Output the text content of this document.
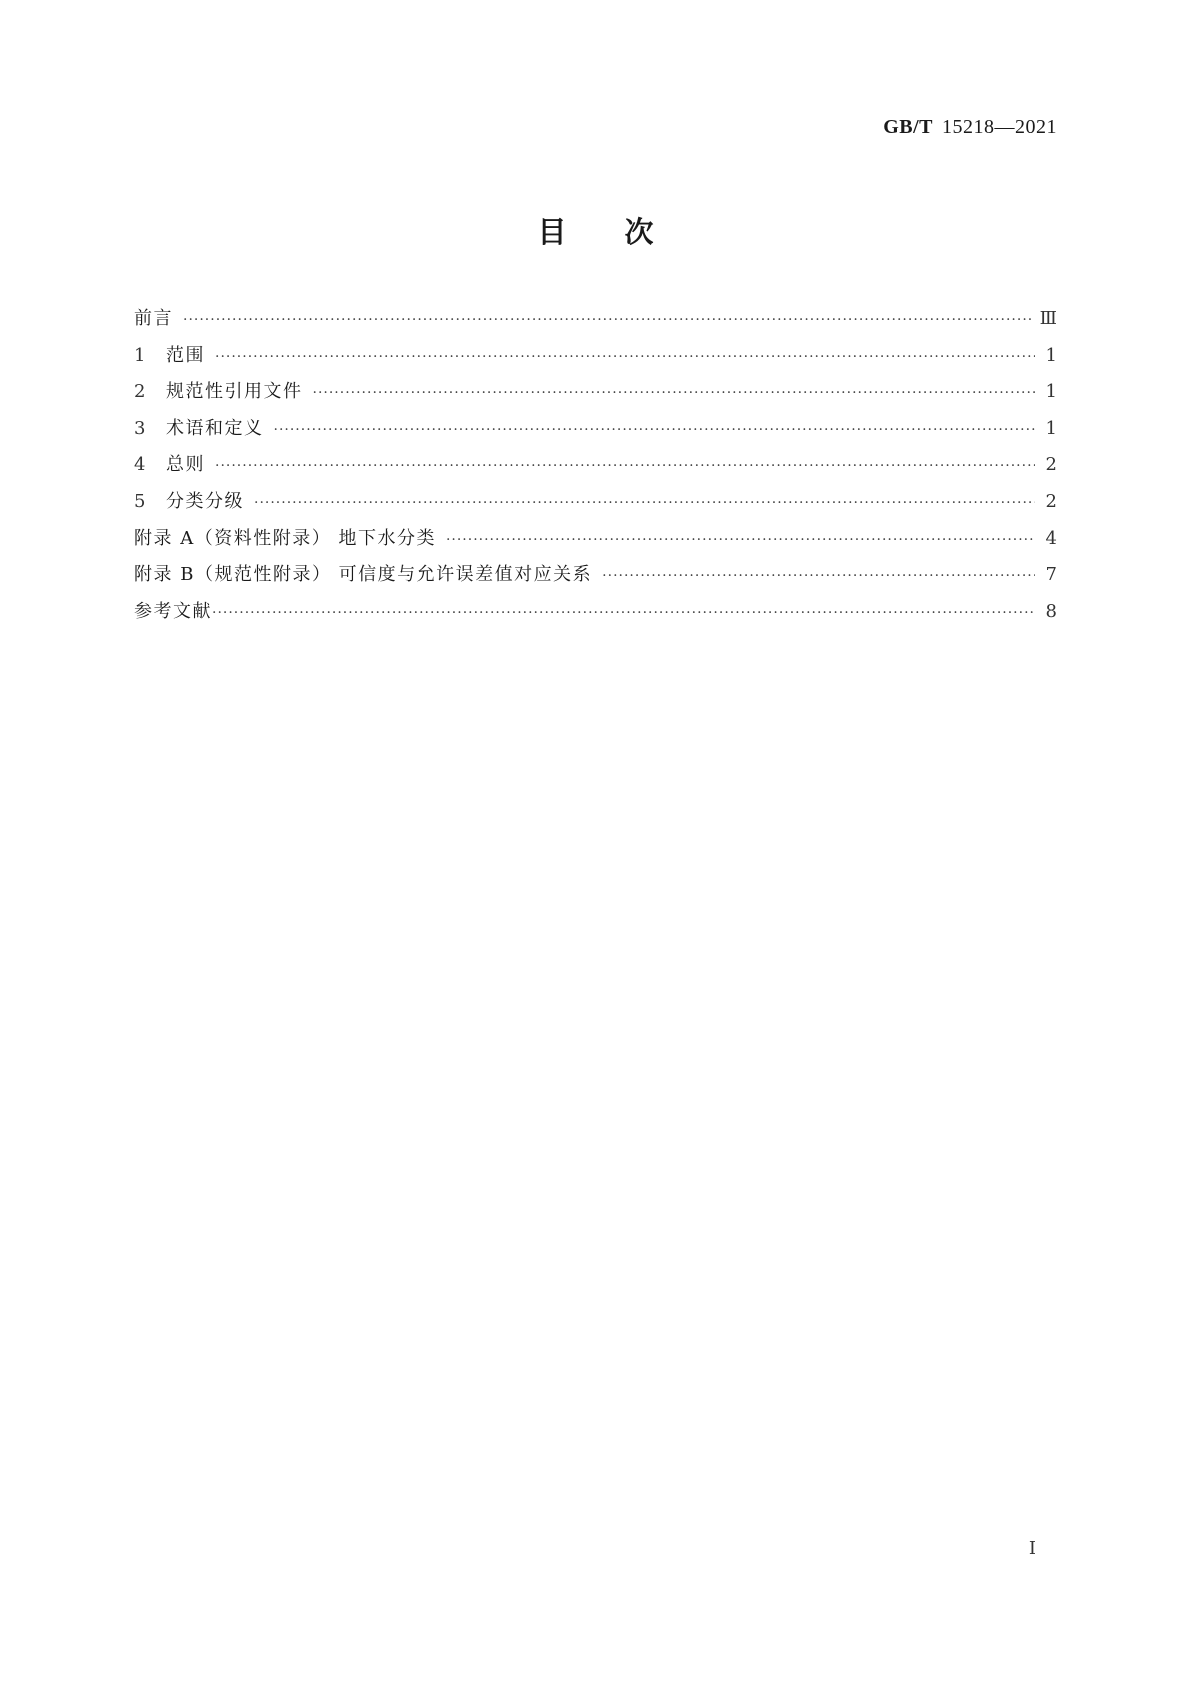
GB/T 15218—2021
目次
前言 ·····	Ⅲ
1	范围 ·····	1
2	规范性引用文件 ·····	1
3	术语和定义 ·····	1
4	总则 ·····	2
5	分类分级 ·····	2
附录 A（资料性附录） 地下水分类 ·····	4
附录 B（规范性附录） 可信度与允许误差值对应关系 ·····	7
参考文献 ·····	8
I
